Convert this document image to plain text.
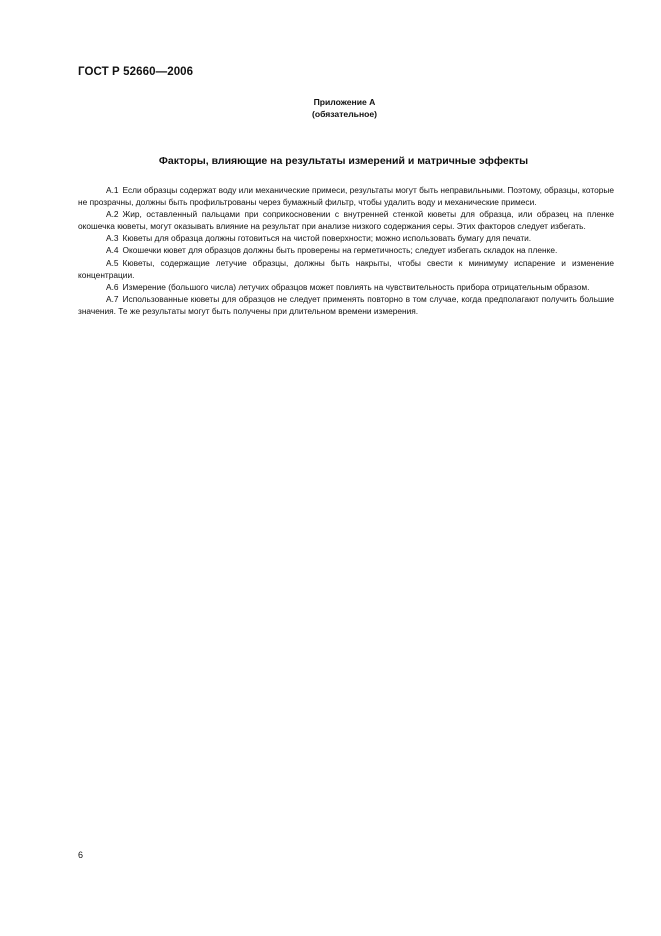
ГОСТ Р 52660—2006
Приложение А
(обязательное)
Факторы, влияющие на результаты измерений и матричные эффекты

А.1 Если образцы содержат воду или механические примеси, результаты могут быть неправильными. Поэтому, образцы, которые не прозрачны, должны быть профильтрованы через бумажный фильтр, чтобы удалить воду и механические примеси.

А.2 Жир, оставленный пальцами при соприкосновении с внутренней стенкой кюветы для образца, или образец на пленке окошечка кюветы, могут оказывать влияние на результат при анализе низкого содержания серы. Этих факторов следует избегать.

А.3 Кюветы для образца должны готовиться на чистой поверхности; можно использовать бумагу для печати.

А.4 Окошечки кювет для образцов должны быть проверены на герметичность; следует избегать складок на пленке.

А.5 Кюветы, содержащие летучие образцы, должны быть накрыты, чтобы свести к минимуму испарение и изменение концентрации.

А.6 Измерение (большого числа) летучих образцов может повлиять на чувствительность прибора отрицательным образом.

А.7 Использованные кюветы для образцов не следует применять повторно в том случае, когда предполагают получить большие значения. Те же результаты могут быть получены при длительном времени измерения.

6
